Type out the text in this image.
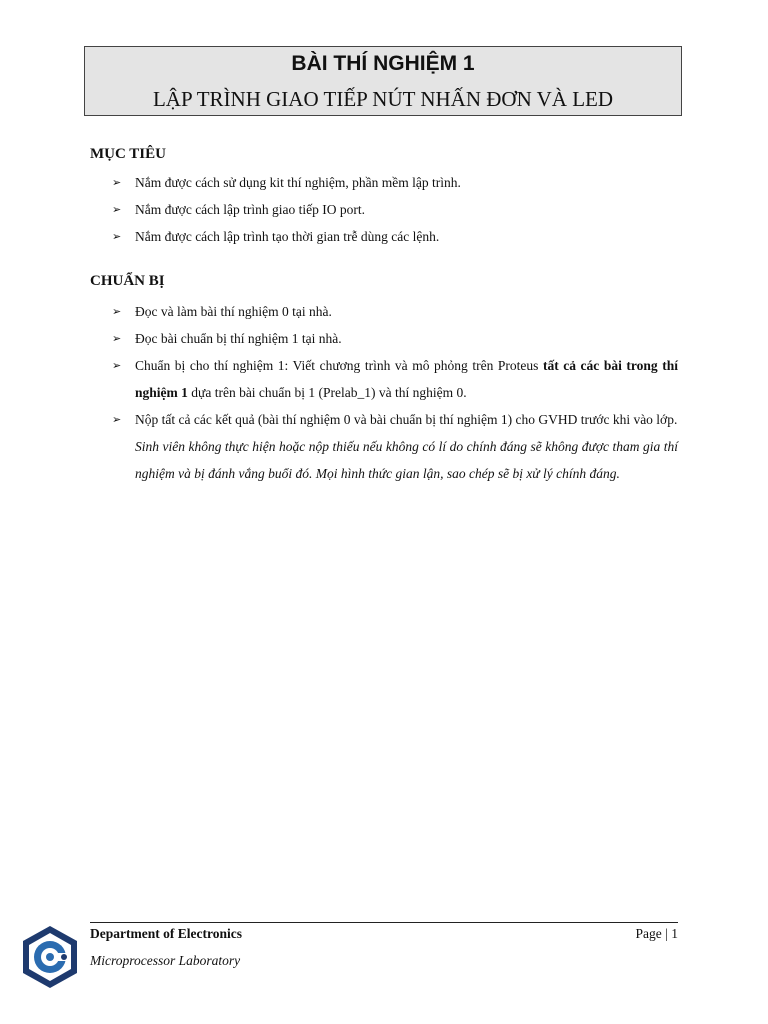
BÀI THÍ NGHIỆM 1
LẬP TRÌNH GIAO TIẾP NÚT NHẤN ĐƠN VÀ LED
MỤC TIÊU
➢ Nắm được cách sử dụng kit thí nghiệm, phần mềm lập trình.
➢ Nắm được cách lập trình giao tiếp IO port.
➢ Nắm được cách lập trình tạo thời gian trễ dùng các lệnh.
CHUẨN BỊ
➢ Đọc và làm bài thí nghiệm 0 tại nhà.
➢ Đọc bài chuẩn bị thí nghiệm 1 tại nhà.
➢ Chuẩn bị cho thí nghiệm 1: Viết chương trình và mô phỏng trên Proteus tất cả các bài trong thí nghiệm 1 dựa trên bài chuẩn bị 1 (Prelab_1) và thí nghiệm 0.
➢ Nộp tất cả các kết quả (bài thí nghiệm 0 và bài chuẩn bị thí nghiệm 1) cho GVHD trước khi vào lớp.
Sinh viên không thực hiện hoặc nộp thiếu nếu không có lí do chính đáng sẽ không được tham gia thí nghiệm và bị đánh vắng buổi đó. Mọi hình thức gian lận, sao chép sẽ bị xử lý chính đáng.
Department of Electronics
Microprocessor Laboratory
Page | 1
